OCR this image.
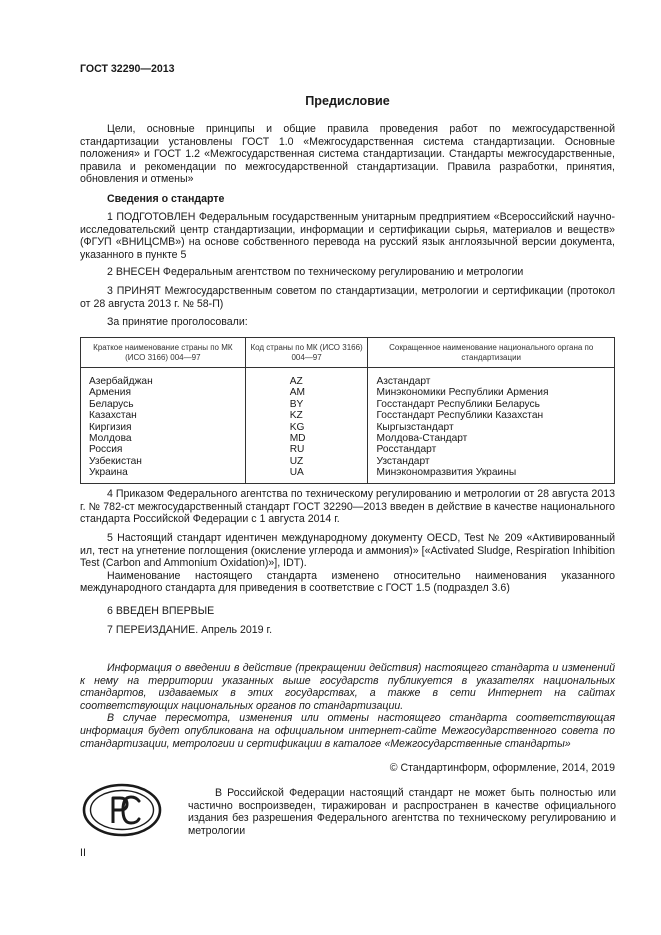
ГОСТ 32290—2013
Предисловие

Цели, основные принципы и общие правила проведения работ по межгосударственной стандартизации установлены ГОСТ 1.0 «Межгосударственная система стандартизации. Основные положения» и ГОСТ 1.2 «Межгосударственная система стандартизации. Стандарты межгосударственные, правила и рекомендации по межгосударственной стандартизации. Правила разработки, принятия, обновления и отмены»

Сведения о стандарте

1 ПОДГОТОВЛЕН Федеральным государственным унитарным предприятием «Всероссийский научно-исследовательский центр стандартизации, информации и сертификации сырья, материалов и веществ» (ФГУП «ВНИЦСМВ») на основе собственного перевода на русский язык англоязычной версии документа, указанного в пункте 5

2 ВНЕСЕН Федеральным агентством по техническому регулированию и метрологии

3 ПРИНЯТ Межгосударственным советом по стандартизации, метрологии и сертификации (протокол от 28 августа 2013 г. № 58-П)

За принятие проголосовали:

Краткое наименование страны по МК (ИСО 3166) 004—97	Код страны по МК (ИСО 3166) 004—97	Сокращенное наименование национального органа по стандартизации
Азербайджан	AZ	Азстандарт
Армения	AM	Минэкономики Республики Армения
Беларусь	BY	Госстандарт Республики Беларусь
Казахстан	KZ	Госстандарт Республики Казахстан
Киргизия	KG	Кыргызстандарт
Молдова	MD	Молдова-Стандарт
Россия	RU	Росстандарт
Узбекистан	UZ	Узстандарт
Украина	UA	Минэкономразвития Украины

4 Приказом Федерального агентства по техническому регулированию и метрологии от 28 августа 2013 г. № 782-ст межгосударственный стандарт ГОСТ 32290—2013 введен в действие в качестве национального стандарта Российской Федерации с 1 августа 2014 г.

5 Настоящий стандарт идентичен международному документу OECD, Test № 209 «Активированный ил, тест на угнетение поглощения (окисление углерода и аммония)» [«Activated Sludge, Respiration Inhibition Test (Carbon and Ammonium Oxidation)»], IDT).

Наименование настоящего стандарта изменено относительно наименования указанного международного стандарта для приведения в соответствие с ГОСТ 1.5 (подраздел 3.6)

6 ВВЕДЕН ВПЕРВЫЕ

7 ПЕРЕИЗДАНИЕ. Апрель 2019 г.

Информация о введении в действие (прекращении действия) настоящего стандарта и изменений к нему на территории указанных выше государств публикуется в указателях национальных стандартов, издаваемых в этих государствах, а также в сети Интернет на сайтах соответствующих национальных органов по стандартизации.

В случае пересмотра, изменения или отмены настоящего стандарта соответствующая информация будет опубликована на официальном интернет-сайте Межгосударственного совета по стандартизации, метрологии и сертификации в каталоге «Межгосударственные стандарты»

© Стандартинформ, оформление, 2014, 2019
В Российской Федерации настоящий стандарт не может быть полностью или частично воспроизведен, тиражирован и распространен в качестве официального издания без разрешения Федерального агентства по техническому регулированию и метрологии
II
